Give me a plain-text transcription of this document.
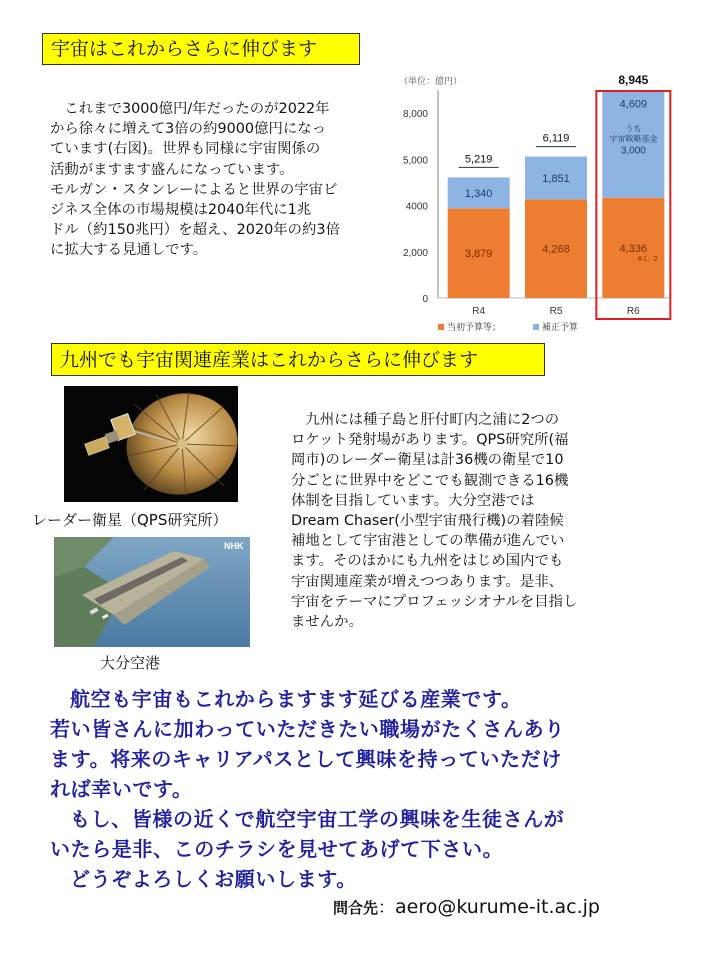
宇宙はこれからさらに伸びます
これまで3000億円/年だったのが2022年
から徐々に増えて3倍の約9000億円になっ
ています(右図)。世界も同様に宇宙関係の
活動がますます盛んになっています。
モルガン・スタンレーによると世界の宇宙ビ
ジネス全体の市場規模は2040年代に1兆
ドル（約150兆円）を超え、2020年の約3倍
に拡大する見通しです。
（単位：億円）
0
2,000
4000
5,000
8,000
3,879
1,340
5,219
R4
4,268
1,851
6,119
R5
4,336
4,609
うち
宇宙戦略基金
3,000
※1、2
8,945
R6
当初予算等；	補正予算
九州でも宇宙関連産業はこれからさらに伸びます
レーダー衛星（QPS研究所）
NHK
大分空港
九州には種子島と肝付町内之浦に2つの
ロケット発射場があります。QPS研究所(福
岡市)のレーダー衛星は計36機の衛星で10
分ごとに世界中をどこでも観測できる16機
体制を目指しています。大分空港では
Dream Chaser(小型宇宙飛行機)の着陸候
補地として宇宙港としての準備が進んでい
ます。そのほかにも九州をはじめ国内でも
宇宙関連産業が増えつつあります。是非、
宇宙をテーマにプロフェッシオナルを目指し
ませんか。
航空も宇宙もこれからますます延びる産業です。
若い皆さんに加わっていただきたい職場がたくさんあり
ます。将来のキャリアパスとして興味を持っていただけ
れば幸いです。
もし、皆様の近くで航空宇宙工学の興味を生徒さんが
いたら是非、このチラシを見せてあげて下さい。
どうぞよろしくお願いします。
問合先：aero@kurume-it.ac.jp
